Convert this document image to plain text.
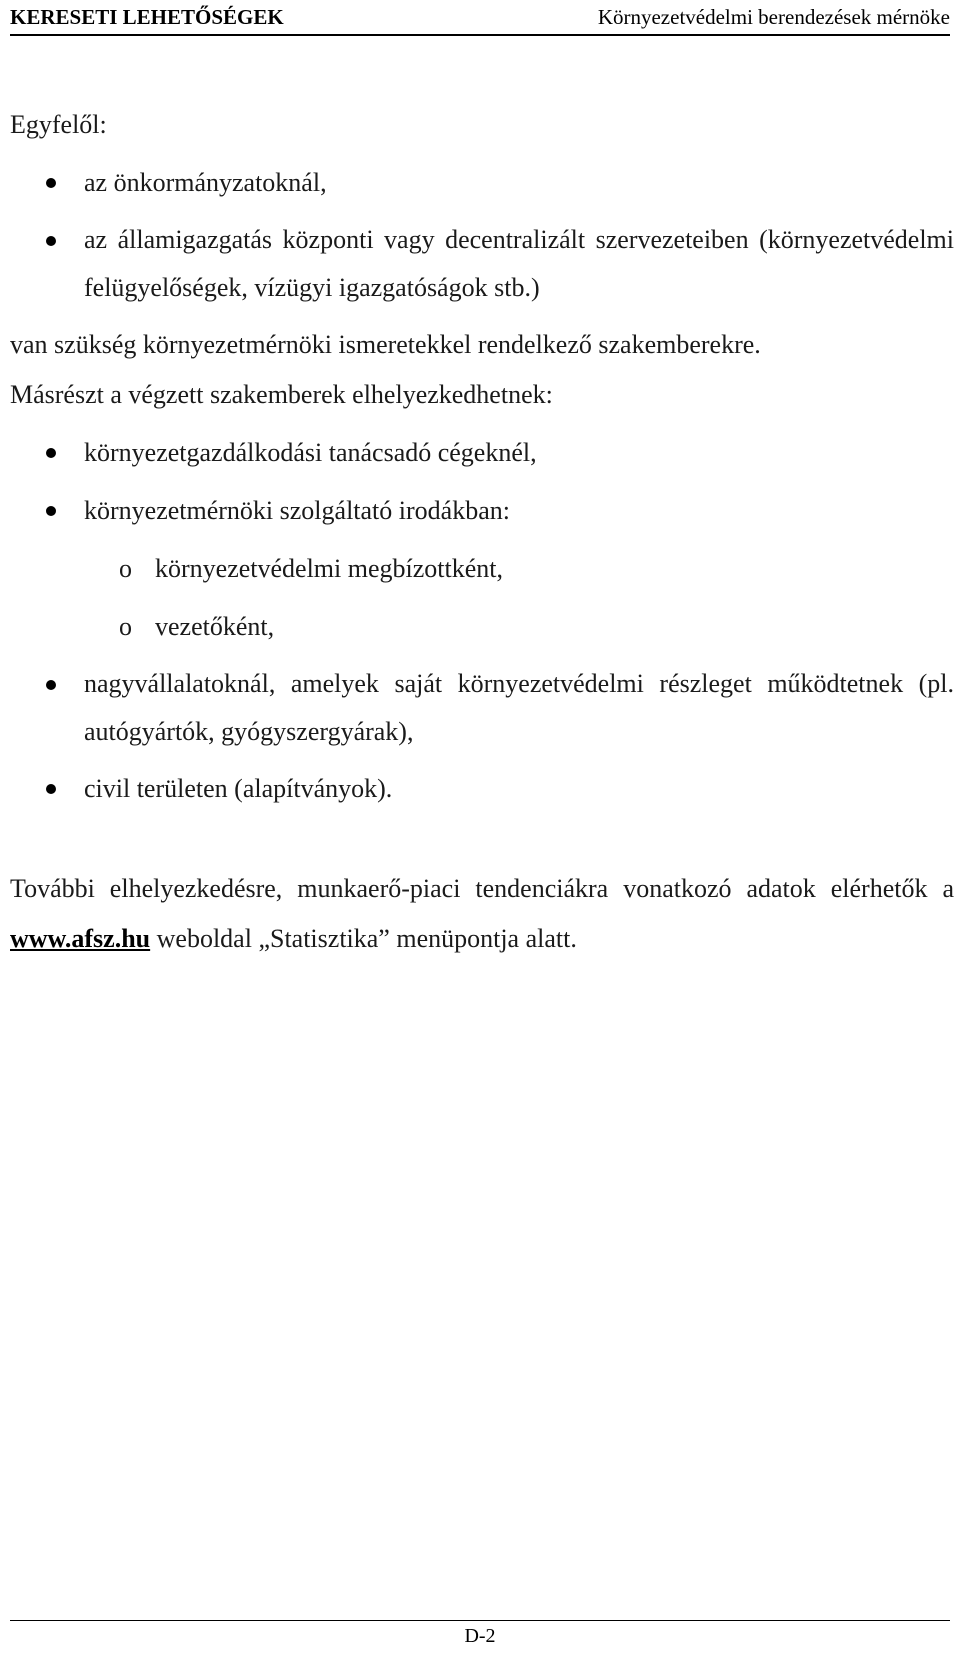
KERESETI LEHETŐSÉGEK	Környezetvédelmi berendezések mérnöke

Egyfelől:

az önkormányzatoknál,
az államigazgatás központi vagy decentralizált szervezeteiben (környezetvédelmi felügyelőségek, vízügyi igazgatóságok stb.)

van szükség környezetmérnöki ismeretekkel rendelkező szakemberekre.

Másrészt a végzett szakemberek elhelyezkedhetnek:

környezetgazdálkodási tanácsadó cégeknél,
környezetmérnöki szolgáltató irodákban:
o környezetvédelmi megbízottként,
o vezetőként,
nagyvállalatoknál, amelyek saját környezetvédelmi részleget működtetnek (pl. autógyártók, gyógyszergyárak),
civil területen (alapítványok).

További elhelyezkedésre, munkaerő-piaci tendenciákra vonatkozó adatok elérhetők a www.afsz.hu weboldal „Statisztika” menüpontja alatt.

D-2
